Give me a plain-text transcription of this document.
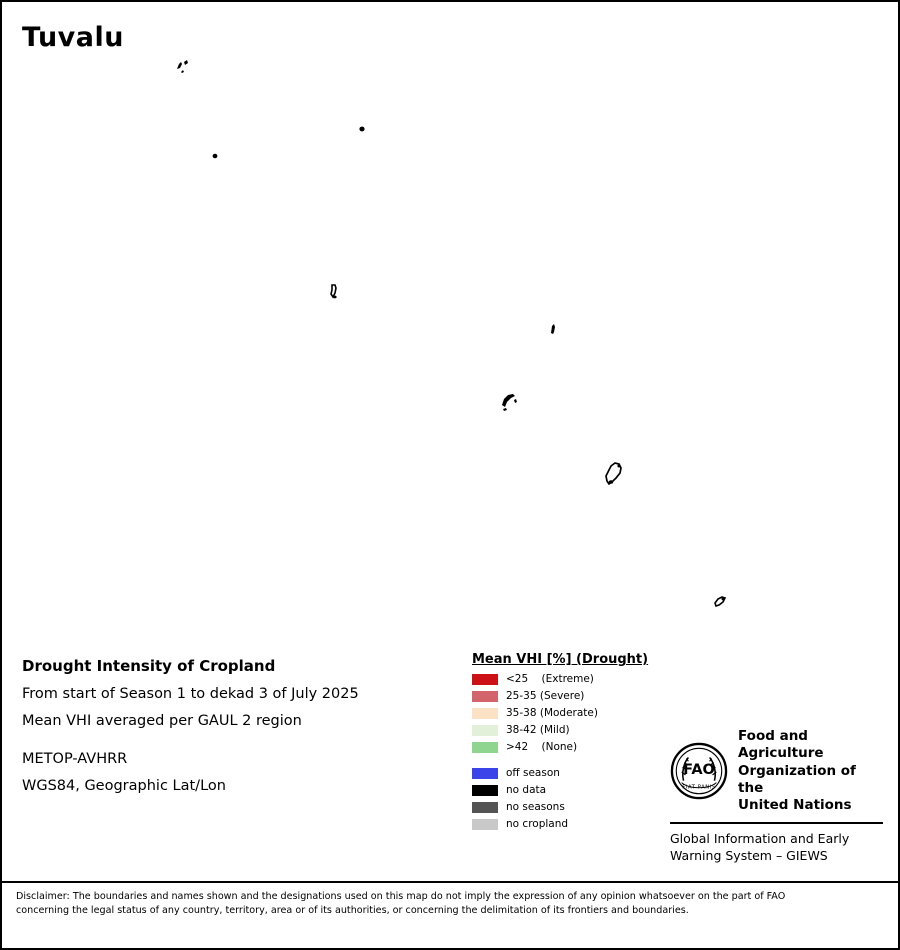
Tuvalu
Drought Intensity of Cropland
From start of Season 1 to dekad 3 of July 2025
Mean VHI averaged per GAUL 2 region
METOP-AVHRR
WGS84, Geographic Lat/Lon
Mean VHI [%] (Drought)
<25    (Extreme)
25-35 (Severe)
35-38 (Moderate)
38-42 (Mild)
>42    (None)
off season
no data
no seasons
no cropland
FAO
FIAT PANIS
Food and Agriculture
Organization of the
United Nations
Global Information and Early
Warning System – GIEWS
Disclaimer: The boundaries and names shown and the designations used on this map do not imply the expression of any opinion whatsoever on the part of FAO
concerning the legal status of any country, territory, area or of its authorities, or concerning the delimitation of its frontiers and boundaries.
